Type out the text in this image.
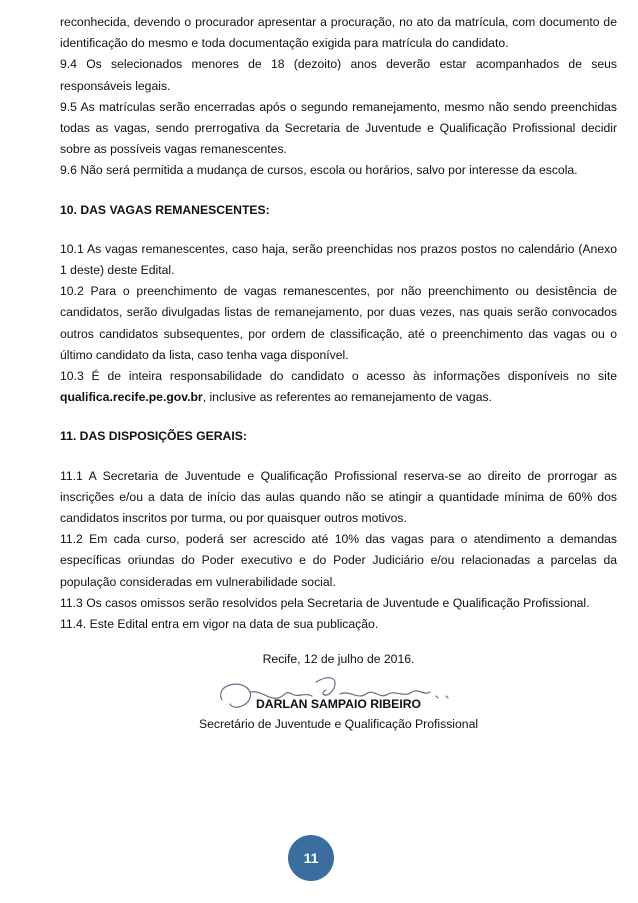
reconhecida, devendo o procurador apresentar a procuração, no ato da matrícula, com documento de identificação do mesmo e toda documentação exigida para matrícula do candidato.

9.4 Os selecionados menores de 18 (dezoito) anos deverão estar acompanhados de seus responsáveis legais.

9.5 As matrículas serão encerradas após o segundo remanejamento, mesmo não sendo preenchidas todas as vagas, sendo prerrogativa da Secretaria de Juventude e Qualificação Profissional decidir sobre as possíveis vagas remanescentes.

9.6 Não será permitida a mudança de cursos, escola ou horários, salvo por interesse da escola.

10. DAS VAGAS REMANESCENTES:

10.1 As vagas remanescentes, caso haja, serão preenchidas nos prazos postos no calendário (Anexo 1 deste) deste Edital.

10.2 Para o preenchimento de vagas remanescentes, por não preenchimento ou desistência de candidatos, serão divulgadas listas de remanejamento, por duas vezes, nas quais serão convocados outros candidatos subsequentes, por ordem de classificação, até o preenchimento das vagas ou o último candidato da lista, caso tenha vaga disponível.

10.3 É de inteira responsabilidade do candidato o acesso às informações disponíveis no site qualifica.recife.pe.gov.br, inclusive as referentes ao remanejamento de vagas.

11. DAS DISPOSIÇÕES GERAIS:

11.1 A Secretaria de Juventude e Qualificação Profissional reserva-se ao direito de prorrogar as inscrições e/ou a data de início das aulas quando não se atingir a quantidade mínima de 60% dos candidatos inscritos por turma, ou por quaisquer outros motivos.

11.2 Em cada curso, poderá ser acrescido até 10% das vagas para o atendimento a demandas específicas oriundas do Poder executivo e do Poder Judiciário e/ou relacionadas a parcelas da população consideradas em vulnerabilidade social.

11.3 Os casos omissos serão resolvidos pela Secretaria de Juventude e Qualificação Profissional.

11.4. Este Edital entra em vigor na data de sua publicação.

Recife, 12 de julho de 2016.

DARLAN SAMPAIO RIBEIRO

Secretário de Juventude e Qualificação Profissional

11
